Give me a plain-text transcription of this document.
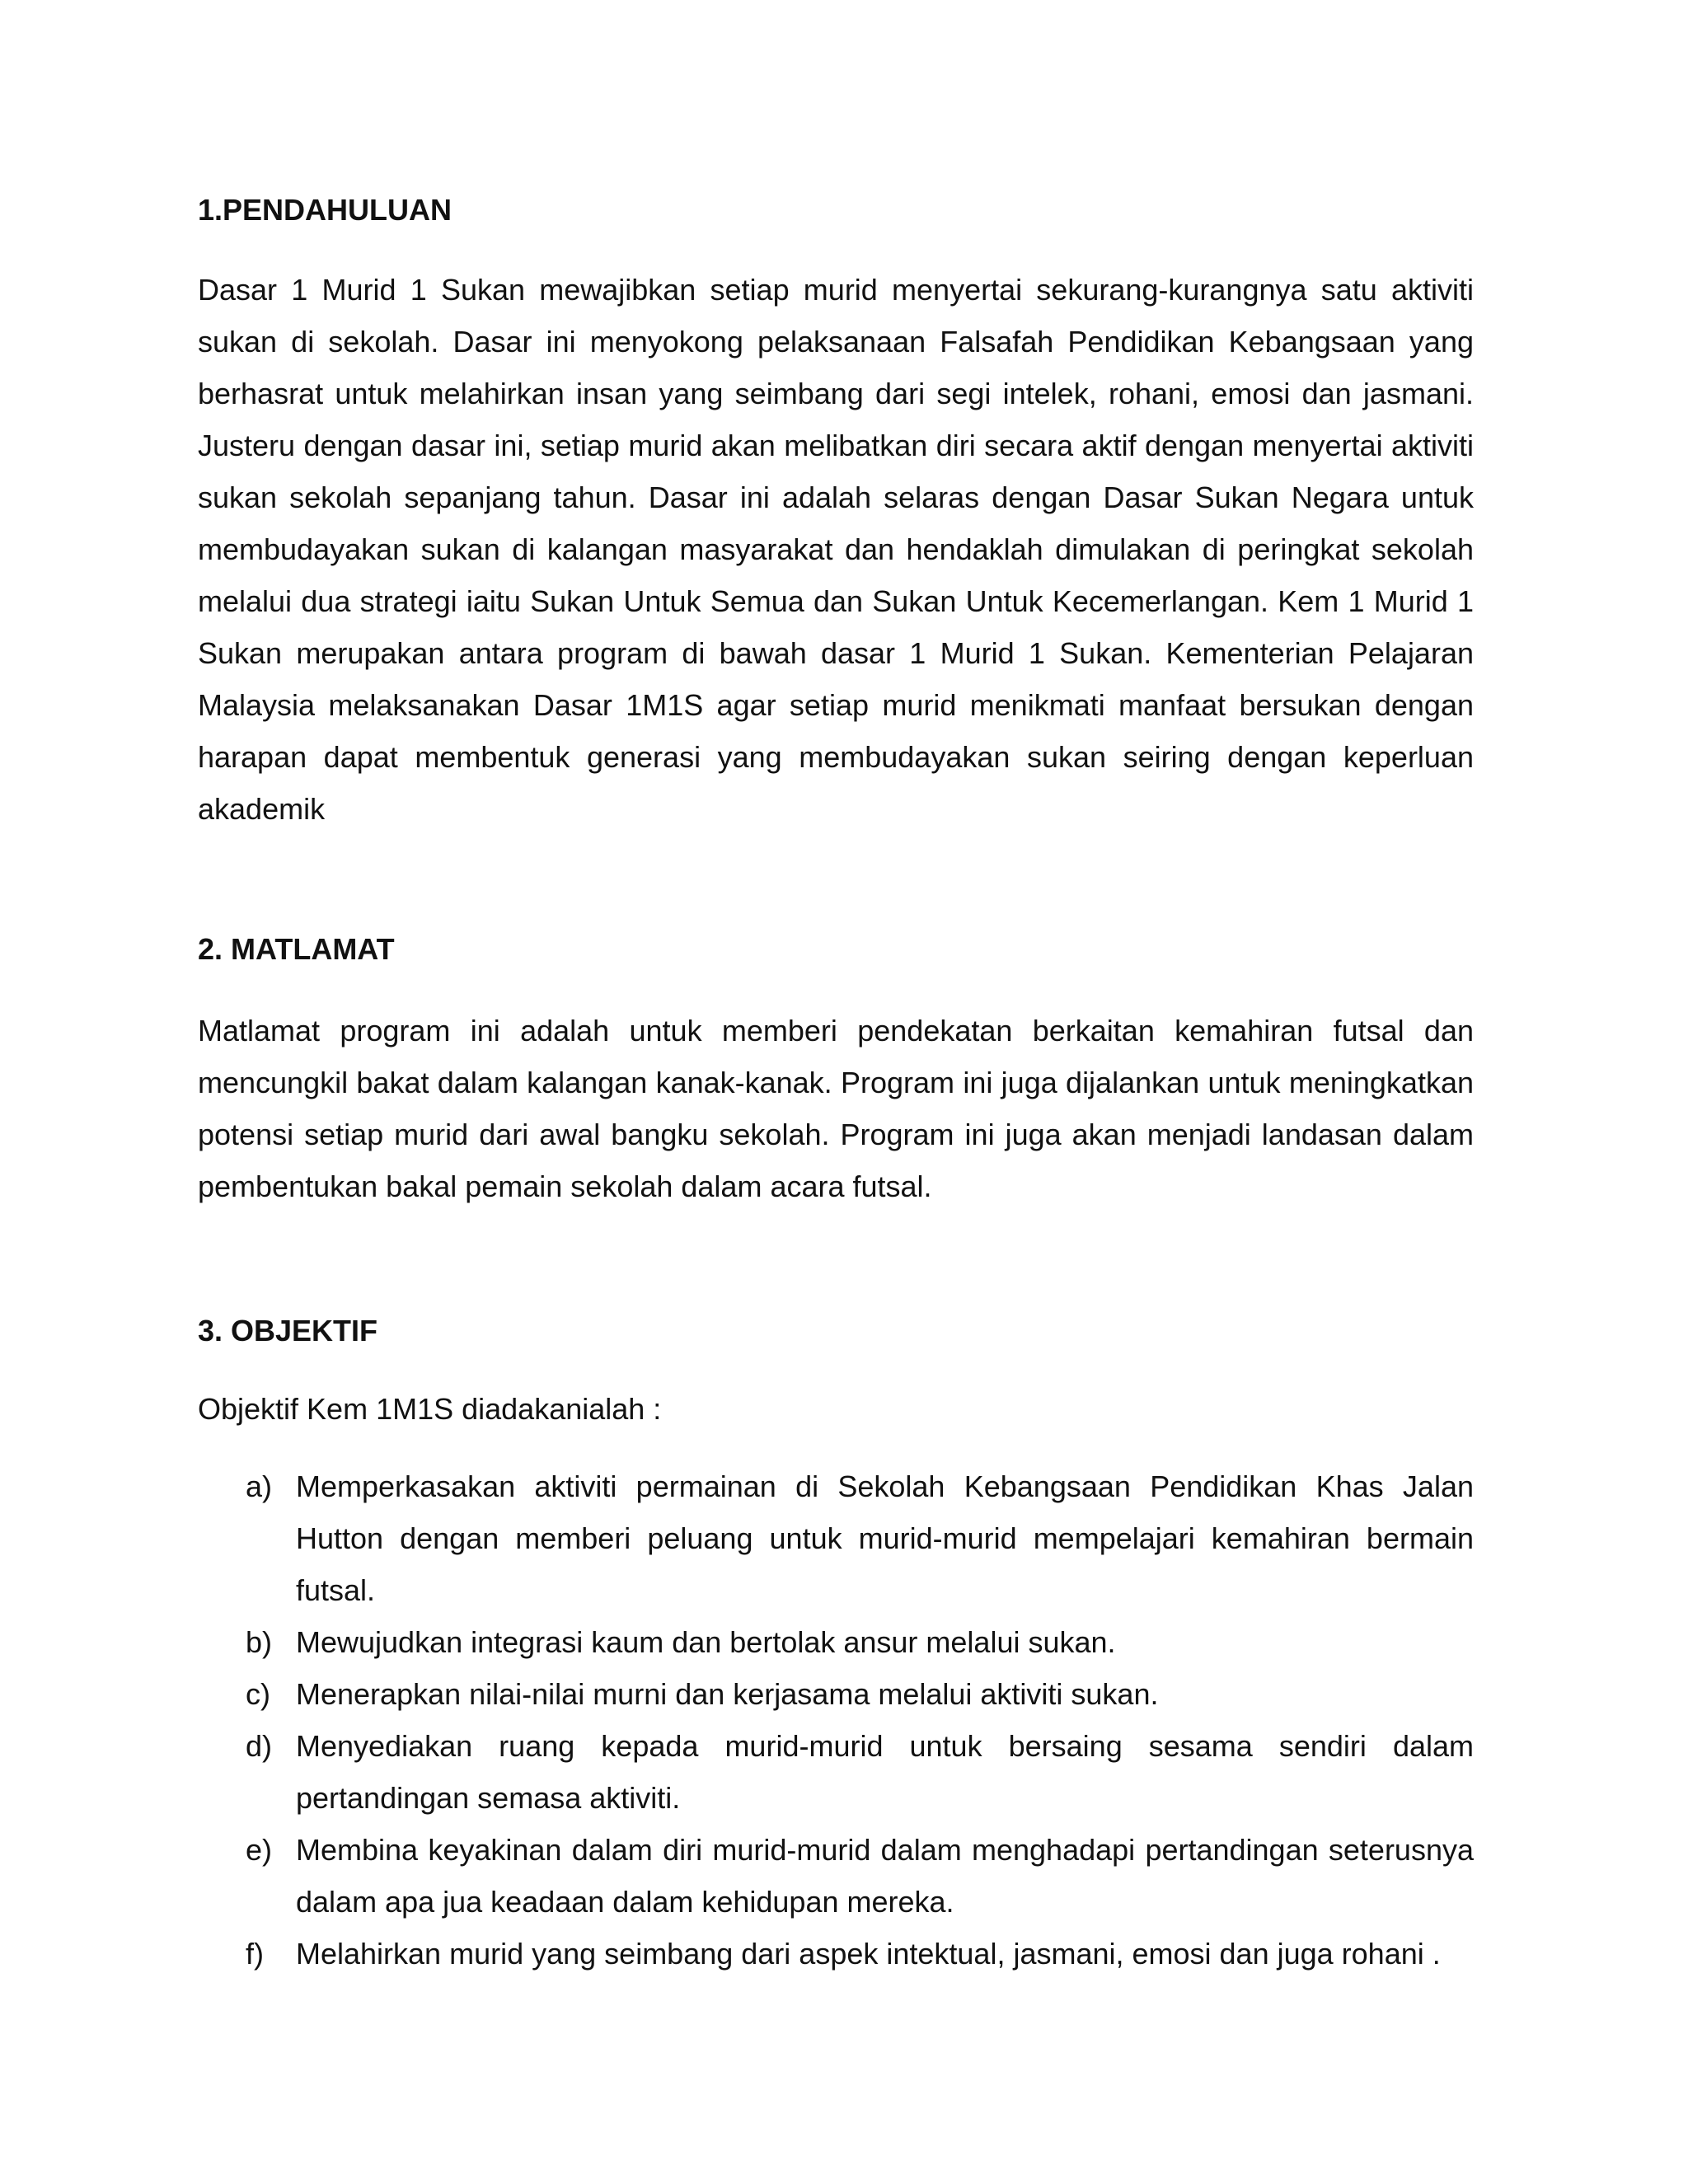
1.PENDAHULUAN

Dasar 1 Murid 1 Sukan mewajibkan setiap murid menyertai sekurang-kurangnya satu aktiviti sukan di sekolah. Dasar ini menyokong pelaksanaan Falsafah Pendidikan Kebangsaan yang berhasrat untuk melahirkan insan yang seimbang dari segi intelek, rohani, emosi dan jasmani. Justeru dengan dasar ini, setiap murid akan melibatkan diri secara aktif dengan menyertai aktiviti sukan sekolah sepanjang tahun. Dasar ini adalah selaras dengan Dasar Sukan Negara untuk membudayakan sukan di kalangan masyarakat dan hendaklah dimulakan di peringkat sekolah melalui dua strategi iaitu Sukan Untuk Semua dan Sukan Untuk Kecemerlangan. Kem 1 Murid 1 Sukan merupakan antara program di bawah dasar 1 Murid 1 Sukan. Kementerian Pelajaran Malaysia melaksanakan Dasar 1M1S agar setiap murid menikmati manfaat bersukan dengan harapan dapat membentuk generasi yang membudayakan sukan seiring dengan keperluan akademik

2. MATLAMAT

Matlamat program ini adalah untuk memberi pendekatan berkaitan kemahiran futsal dan mencungkil bakat dalam kalangan kanak-kanak. Program ini juga dijalankan untuk meningkatkan potensi setiap murid dari awal bangku sekolah. Program ini juga akan menjadi landasan dalam pembentukan bakal pemain sekolah dalam acara futsal.

3. OBJEKTIF

Objektif Kem 1M1S diadakanialah :

a) Memperkasakan aktiviti permainan di Sekolah Kebangsaan Pendidikan Khas Jalan Hutton dengan memberi peluang untuk murid-murid mempelajari kemahiran bermain futsal.
b) Mewujudkan integrasi kaum dan bertolak ansur melalui sukan.
c) Menerapkan nilai-nilai murni dan kerjasama melalui aktiviti sukan.
d) Menyediakan ruang kepada murid-murid untuk bersaing sesama sendiri dalam pertandingan semasa aktiviti.
e) Membina keyakinan dalam diri murid-murid dalam menghadapi pertandingan seterusnya dalam apa jua keadaan dalam kehidupan mereka.
f) Melahirkan murid yang seimbang dari aspek intektual, jasmani, emosi dan juga rohani .
